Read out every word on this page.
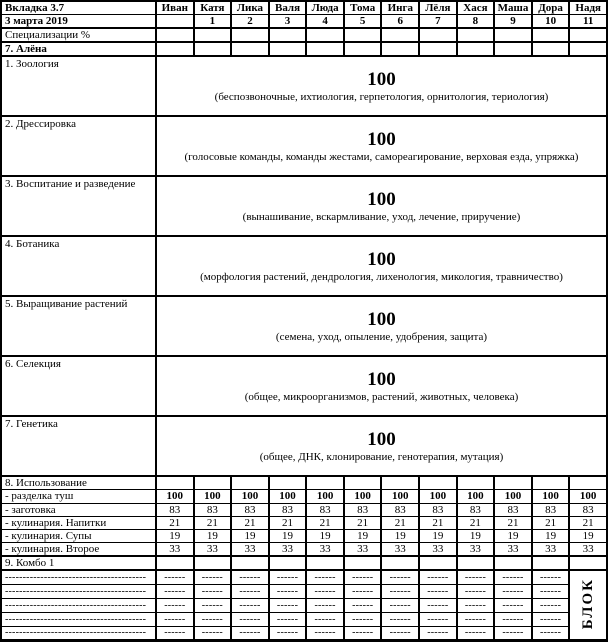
Вкладка 3.7	Иван	Катя	Лика	Валя	Люда	Тома	Инга	Лёля	Хася	Маша	Дора	Надя
3 марта 2019		1	2	3	4	5	6	7	8	9	10	11
Специализации %												
7. Алёна												
1. Зоология	100
(беспозвоночные, ихтиология, герпетология, орнитология, териология)											

2. Дрессировка	100
(голосовые команды, команды жестами, самореагирование, верховая езда, упряжка)											

3. Воспитание и разведение	100
(вынашивание, вскармливание, уход, лечение, приручение)											

4. Ботаника	100
(морфология растений, дендрология, лихенология, микология, травничество)											

5. Выращивание растений	100
(семена, уход, опыление, удобрения, защита)											

6. Селекция	100
(общее, микроорганизмов, растений, животных, человека)											

7. Генетика	100
(общее, ДНК, клонирование, генотерапия, мутация)											

8. Использование												
- разделка туш	100	100	100	100	100	100	100	100	100	100	100	100
- заготовка	83	83	83	83	83	83	83	83	83	83	83	83
- кулинария. Напитки	21	21	21	21	21	21	21	21	21	21	21	21
- кулинария. Супы	19	19	19	19	19	19	19	19	19	19	19	19
- кулинария. Второе	33	33	33	33	33	33	33	33	33	33	33	33
9. Комбо 1												
----------------------------------------	------	------	------	------	------	------	------	------	------	------	------	БЛОК
----------------------------------------	------	------	------	------	------	------	------	------	------	------	------	
----------------------------------------	------	------	------	------	------	------	------	------	------	------	------	
----------------------------------------	------	------	------	------	------	------	------	------	------	------	------	
----------------------------------------	------	------	------	------	------	------	------	------	------	------	------	
